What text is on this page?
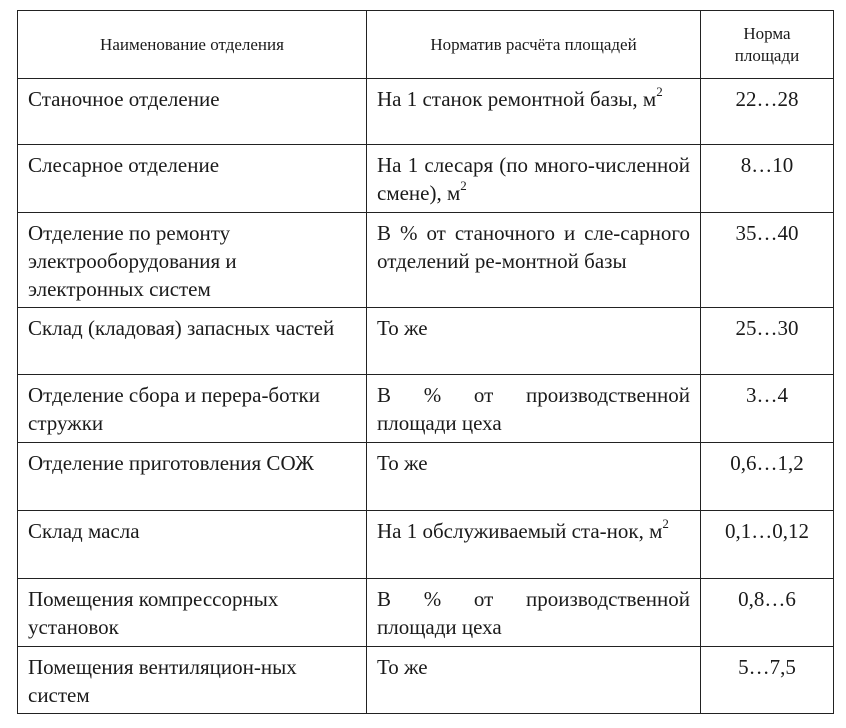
Наименование отделения	Норматив расчёта площадей	Норма
площади

Станочное отделение	На 1 станок ремонтной базы, $м^2$	22…28
Слесарное отделение	На 1 слесаря (по много-численной смене), $м^2$	8…10
Отделение по ремонту электрооборудования и электронных систем	В % от станочного и сле-сарного отделений ре-монтной базы	35…40
Склад (кладовая) запасных частей	То же	25…30
Отделение сбора и перера-ботки стружки	В % от производственной площади цеха	3…4
Отделение приготовления СОЖ	То же	0,6…1,2
Склад масла	На 1 обслуживаемый ста-нок, $м^2$	0,1…0,12
Помещения компрессорных установок	В % от производственной площади цеха	0,8…6
Помещения вентиляцион-ных систем	То же	5…7,5
